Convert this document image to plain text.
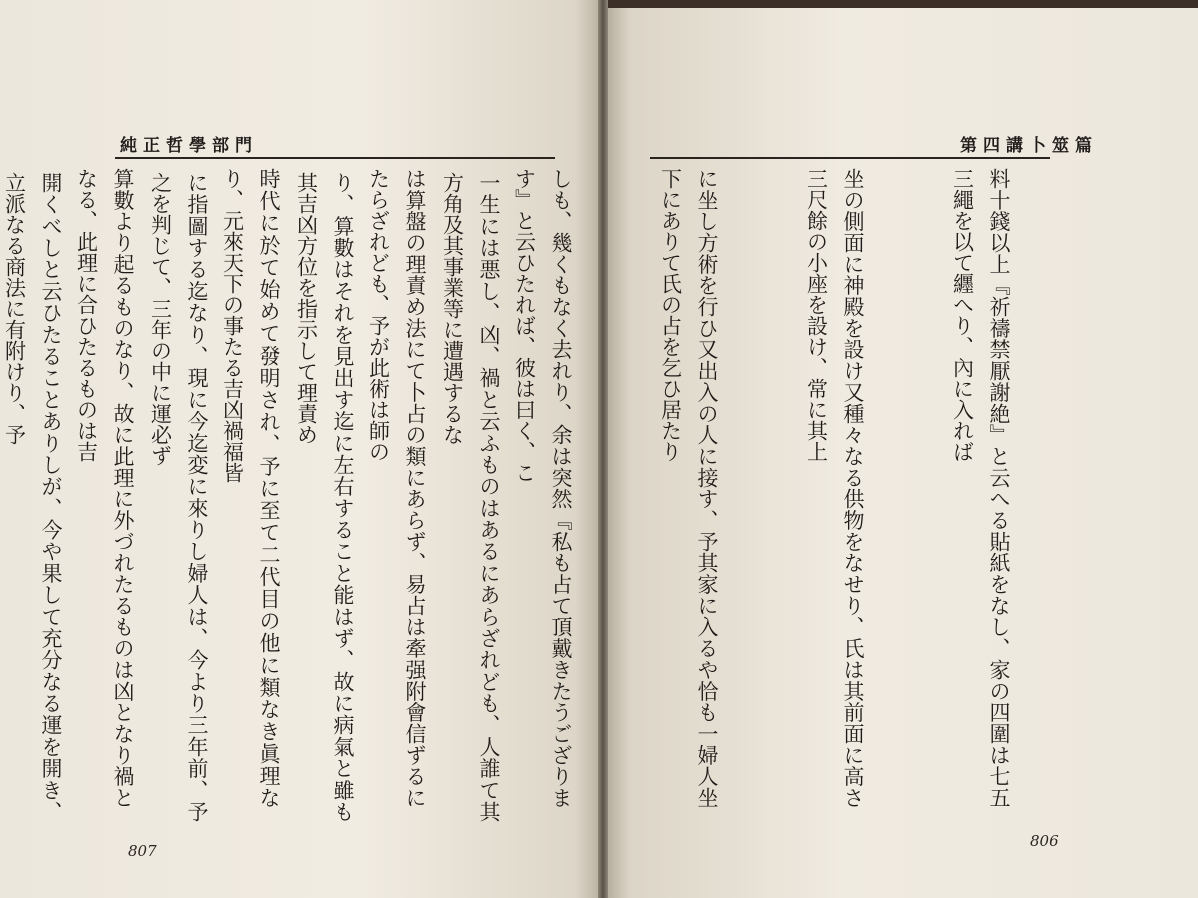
純正哲學部門	第四講卜筮篇

一生には悪し、凶、禍と云ふものはあるにあらざれども、人誰て其方角及其事業等に遭遇するな

り、算數はそれを見出す迄に左右すること能はず、故に病氣と雖も其吉凶方位を指示して理責め

に指圖する迄なり、現に今迄変に來りし婦人は、今より三年前、予之を判じて、三年の中に運必ず

開くべしと云ひたることありしが、今や果して充分なる運を開き、立派なる商法に有附けり、予

	料十錢以上『祈禱禁厭謝絶』と云へる貼紙をなし、家の四圍は七五三繩を以て纒へり、內に入れば

坐の側面に神殿を設け又種々なる供物をなせり、氏は其前面に高さ三尺餘の小座を設け、常に其上

に坐し方術を行ひ又出入の人に接す、予其家に入るや恰も一婦人坐下にありて氏の占を乞ひ居たり

しも、幾くもなく去れり、余は突然『私も占て頂戴きたうござります』と云ひたれば、彼は曰く、こ

は算盤の理責め法にて卜占の類にあらず、易占は牽强附會信ずるにたらざれども、予が此術は師の

時代に於て始めて發明され、予に至て二代目の他に類なき眞理なり、元來天下の事たる吉凶禍福皆

算數より起るものなり、故に此理に外づれたるものは凶となり禍となる、此理に合ひたるものは吉

807
806
